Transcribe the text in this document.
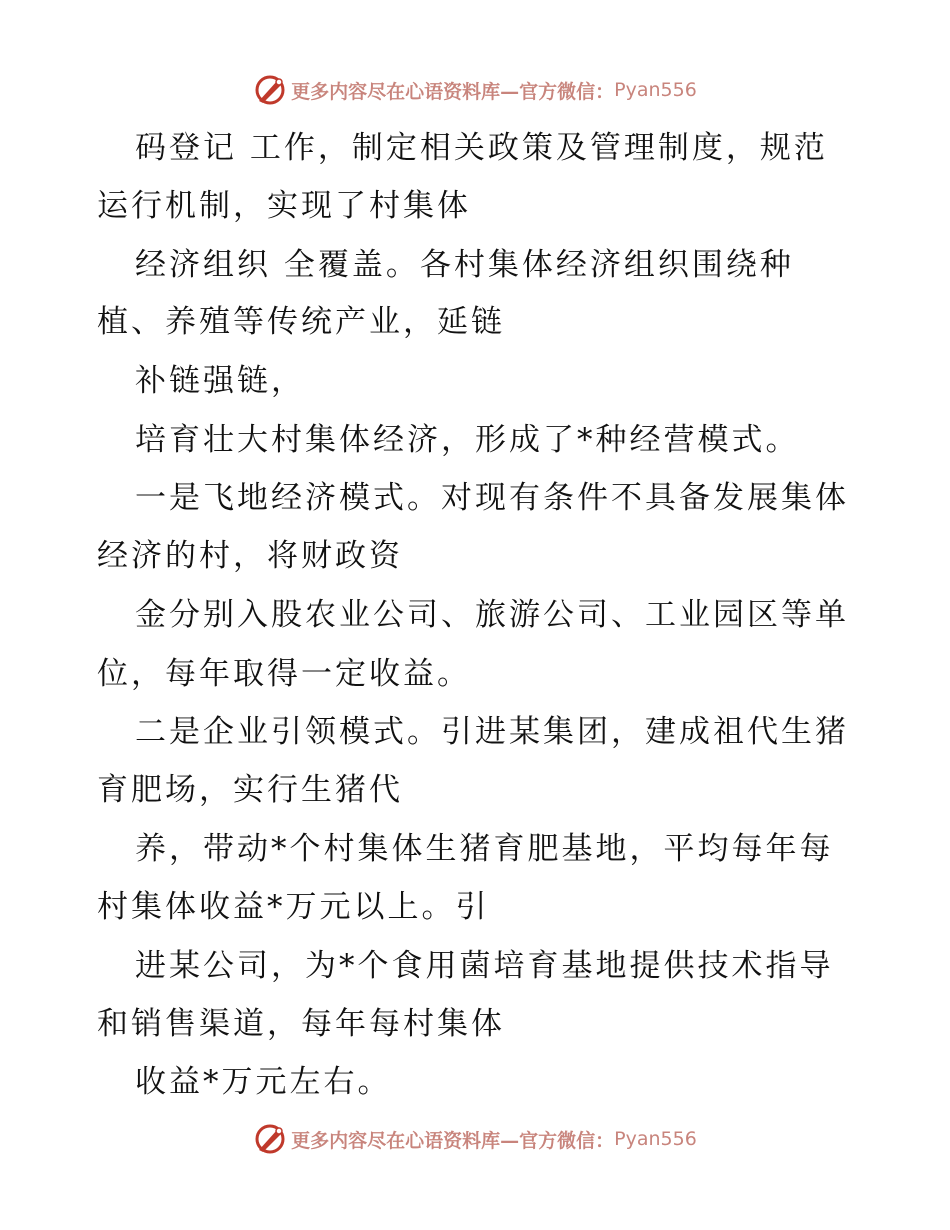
更多内容尽在心语资料库—官方微信： Pyan556
码登记 工作，制定相关政策及管理制度，规范
运行机制，实现了村集体
经济组织 全覆盖。各村集体经济组织围绕种
植、养殖等传统产业，延链
补链强链，
培育壮大村集体经济，形成了*种经营模式。
一是飞地经济模式。对现有条件不具备发展集体
经济的村，将财政资
金分别入股农业公司、旅游公司、工业园区等单
位，每年取得一定收益。
二是企业引领模式。引进某集团，建成祖代生猪
育肥场，实行生猪代
养，带动*个村集体生猪育肥基地，平均每年每
村集体收益*万元以上。引
进某公司，为*个食用菌培育基地提供技术指导
和销售渠道，每年每村集体
收益*万元左右。
更多内容尽在心语资料库—官方微信： Pyan556
